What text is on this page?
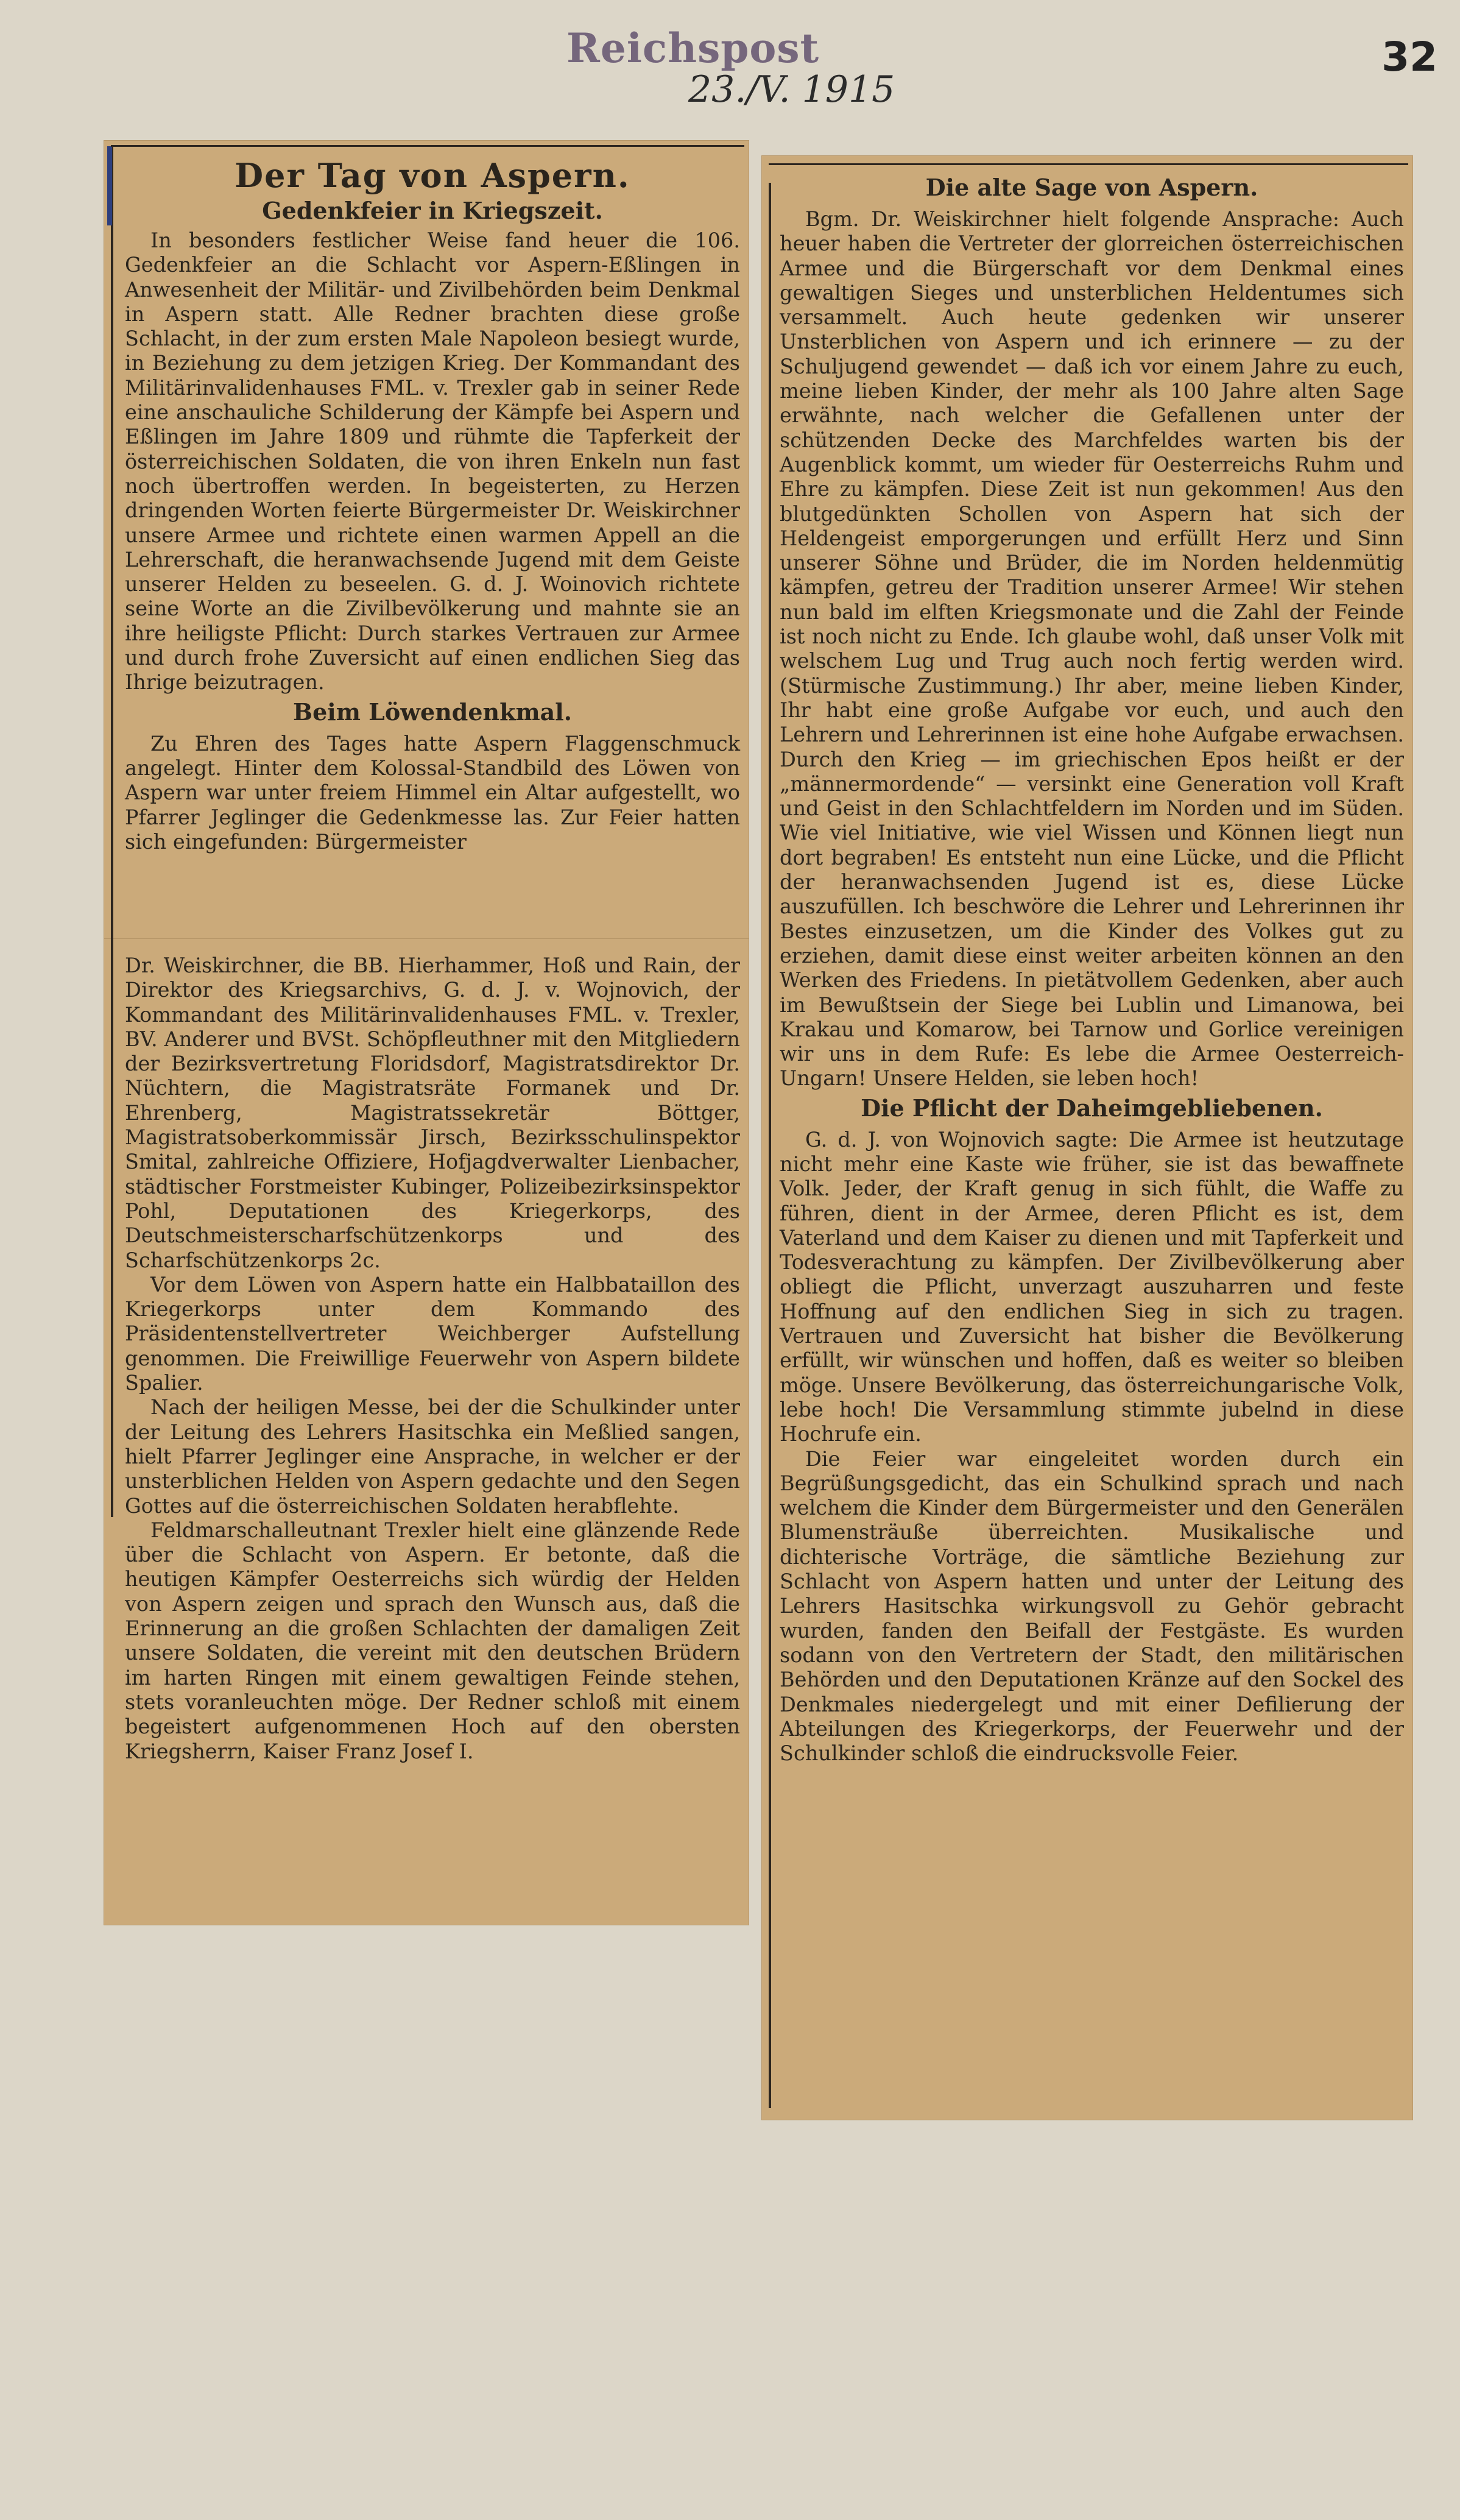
Reichspost
23./V. 1915
32
Der Tag von Aspern.
Gedenkfeier in Kriegszeit.

In besonders festlicher Weise fand heuer die 106. Gedenkfeier an die Schlacht vor Aspern-Eßlingen in Anwesenheit der Militär- und Zivilbehörden beim Denkmal in Aspern statt. Alle Redner brachten diese große Schlacht, in der zum ersten Male Napoleon besiegt wurde, in Beziehung zu dem jetzigen Krieg. Der Kommandant des Militärinvalidenhauses FML. v. Trexler gab in seiner Rede eine anschauliche Schilderung der Kämpfe bei Aspern und Eßlingen im Jahre 1809 und rühmte die Tapferkeit der österreichischen Soldaten, die von ihren Enkeln nun fast noch übertroffen werden. In begeisterten, zu Herzen dringenden Worten feierte Bürgermeister Dr. Weiskirchner unsere Armee und richtete einen warmen Appell an die Lehrerschaft, die heranwachsende Jugend mit dem Geiste unserer Helden zu beseelen. G. d. J. Woinovich richtete seine Worte an die Zivilbevölkerung und mahnte sie an ihre heiligste Pflicht: Durch starkes Vertrauen zur Armee und durch frohe Zuversicht auf einen endlichen Sieg das Ihrige beizutragen.

Beim Löwendenkmal.

Zu Ehren des Tages hatte Aspern Flaggenschmuck angelegt. Hinter dem Kolossal-Standbild des Löwen von Aspern war unter freiem Himmel ein Altar aufgestellt, wo Pfarrer Jeglinger die Gedenkmesse las. Zur Feier hatten sich eingefunden: Bürgermeister

Dr. Weiskirchner, die BB. Hierhammer, Hoß und Rain, der Direktor des Kriegsarchivs, G. d. J. v. Wojnovich, der Kommandant des Militärinvalidenhauses FML. v. Trexler, BV. Anderer und BVSt. Schöpfleuthner mit den Mitgliedern der Bezirksvertretung Floridsdorf, Magistratsdirektor Dr. Nüchtern, die Magistratsräte Formanek und Dr. Ehrenberg, Magistratssekretär Böttger, Magistratsoberkommissär Jirsch, Bezirksschulinspektor Smital, zahlreiche Offiziere, Hofjagdverwalter Lienbacher, städtischer Forstmeister Kubinger, Polizeibezirksinspektor Pohl, Deputationen des Kriegerkorps, des Deutschmeisterscharfschützenkorps und des Scharfschützenkorps 2c.

Vor dem Löwen von Aspern hatte ein Halbbataillon des Kriegerkorps unter dem Kommando des Präsidentenstellvertreter Weichberger Aufstellung genommen. Die Freiwillige Feuerwehr von Aspern bildete Spalier.

Nach der heiligen Messe, bei der die Schulkinder unter der Leitung des Lehrers Hasitschka ein Meßlied sangen, hielt Pfarrer Jeglinger eine Ansprache, in welcher er der unsterblichen Helden von Aspern gedachte und den Segen Gottes auf die österreichischen Soldaten herabflehte.

Feldmarschalleutnant Trexler hielt eine glänzende Rede über die Schlacht von Aspern. Er betonte, daß die heutigen Kämpfer Oesterreichs sich würdig der Helden von Aspern zeigen und sprach den Wunsch aus, daß die Erinnerung an die großen Schlachten der damaligen Zeit unsere Soldaten, die vereint mit den deutschen Brüdern im harten Ringen mit einem gewaltigen Feinde stehen, stets voranleuchten möge. Der Redner schloß mit einem begeistert aufgenommenen Hoch auf den obersten Kriegsherrn, Kaiser Franz Josef I.

Die alte Sage von Aspern.

Bgm. Dr. Weiskirchner hielt folgende Ansprache: Auch heuer haben die Vertreter der glorreichen österreichischen Armee und die Bürgerschaft vor dem Denkmal eines gewaltigen Sieges und unsterblichen Heldentumes sich versammelt. Auch heute gedenken wir unserer Unsterblichen von Aspern und ich erinnere — zu der Schuljugend gewendet — daß ich vor einem Jahre zu euch, meine lieben Kinder, der mehr als 100 Jahre alten Sage erwähnte, nach welcher die Gefallenen unter der schützenden Decke des Marchfeldes warten bis der Augenblick kommt, um wieder für Oesterreichs Ruhm und Ehre zu kämpfen. Diese Zeit ist nun gekommen! Aus den blutgedünkten Schollen von Aspern hat sich der Heldengeist emporgerungen und erfüllt Herz und Sinn unserer Söhne und Brüder, die im Norden heldenmütig kämpfen, getreu der Tradition unserer Armee! Wir stehen nun bald im elften Kriegsmonate und die Zahl der Feinde ist noch nicht zu Ende. Ich glaube wohl, daß unser Volk mit welschem Lug und Trug auch noch fertig werden wird. (Stürmische Zustimmung.) Ihr aber, meine lieben Kinder, Ihr habt eine große Aufgabe vor euch, und auch den Lehrern und Lehrerinnen ist eine hohe Aufgabe erwachsen. Durch den Krieg — im griechischen Epos heißt er der „männermordende“ — versinkt eine Generation voll Kraft und Geist in den Schlachtfeldern im Norden und im Süden. Wie viel Initiative, wie viel Wissen und Können liegt nun dort begraben! Es entsteht nun eine Lücke, und die Pflicht der heranwachsenden Jugend ist es, diese Lücke auszufüllen. Ich beschwöre die Lehrer und Lehrerinnen ihr Bestes einzusetzen, um die Kinder des Volkes gut zu erziehen, damit diese einst weiter arbeiten können an den Werken des Friedens. In pietätvollem Gedenken, aber auch im Bewußtsein der Siege bei Lublin und Limanowa, bei Krakau und Komarow, bei Tarnow und Gorlice vereinigen wir uns in dem Rufe: Es lebe die Armee Oesterreich-Ungarn! Unsere Helden, sie leben hoch!

Die Pflicht der Daheimgebliebenen.

G. d. J. von Wojnovich sagte: Die Armee ist heutzutage nicht mehr eine Kaste wie früher, sie ist das bewaffnete Volk. Jeder, der Kraft genug in sich fühlt, die Waffe zu führen, dient in der Armee, deren Pflicht es ist, dem Vaterland und dem Kaiser zu dienen und mit Tapferkeit und Todesverachtung zu kämpfen. Der Zivilbevölkerung aber obliegt die Pflicht, unverzagt auszuharren und feste Hoffnung auf den endlichen Sieg in sich zu tragen. Vertrauen und Zuversicht hat bisher die Bevölkerung erfüllt, wir wünschen und hoffen, daß es weiter so bleiben möge. Unsere Bevölkerung, das österreichungarische Volk, lebe hoch! Die Versammlung stimmte jubelnd in diese Hochrufe ein.

Die Feier war eingeleitet worden durch ein Begrüßungsgedicht, das ein Schulkind sprach und nach welchem die Kinder dem Bürgermeister und den Generälen Blumensträuße überreichten. Musikalische und dichterische Vorträge, die sämtliche Beziehung zur Schlacht von Aspern hatten und unter der Leitung des Lehrers Hasitschka wirkungsvoll zu Gehör gebracht wurden, fanden den Beifall der Festgäste. Es wurden sodann von den Vertretern der Stadt, den militärischen Behörden und den Deputationen Kränze auf den Sockel des Denkmales niedergelegt und mit einer Defilierung der Abteilungen des Kriegerkorps, der Feuerwehr und der Schulkinder schloß die eindrucksvolle Feier.
